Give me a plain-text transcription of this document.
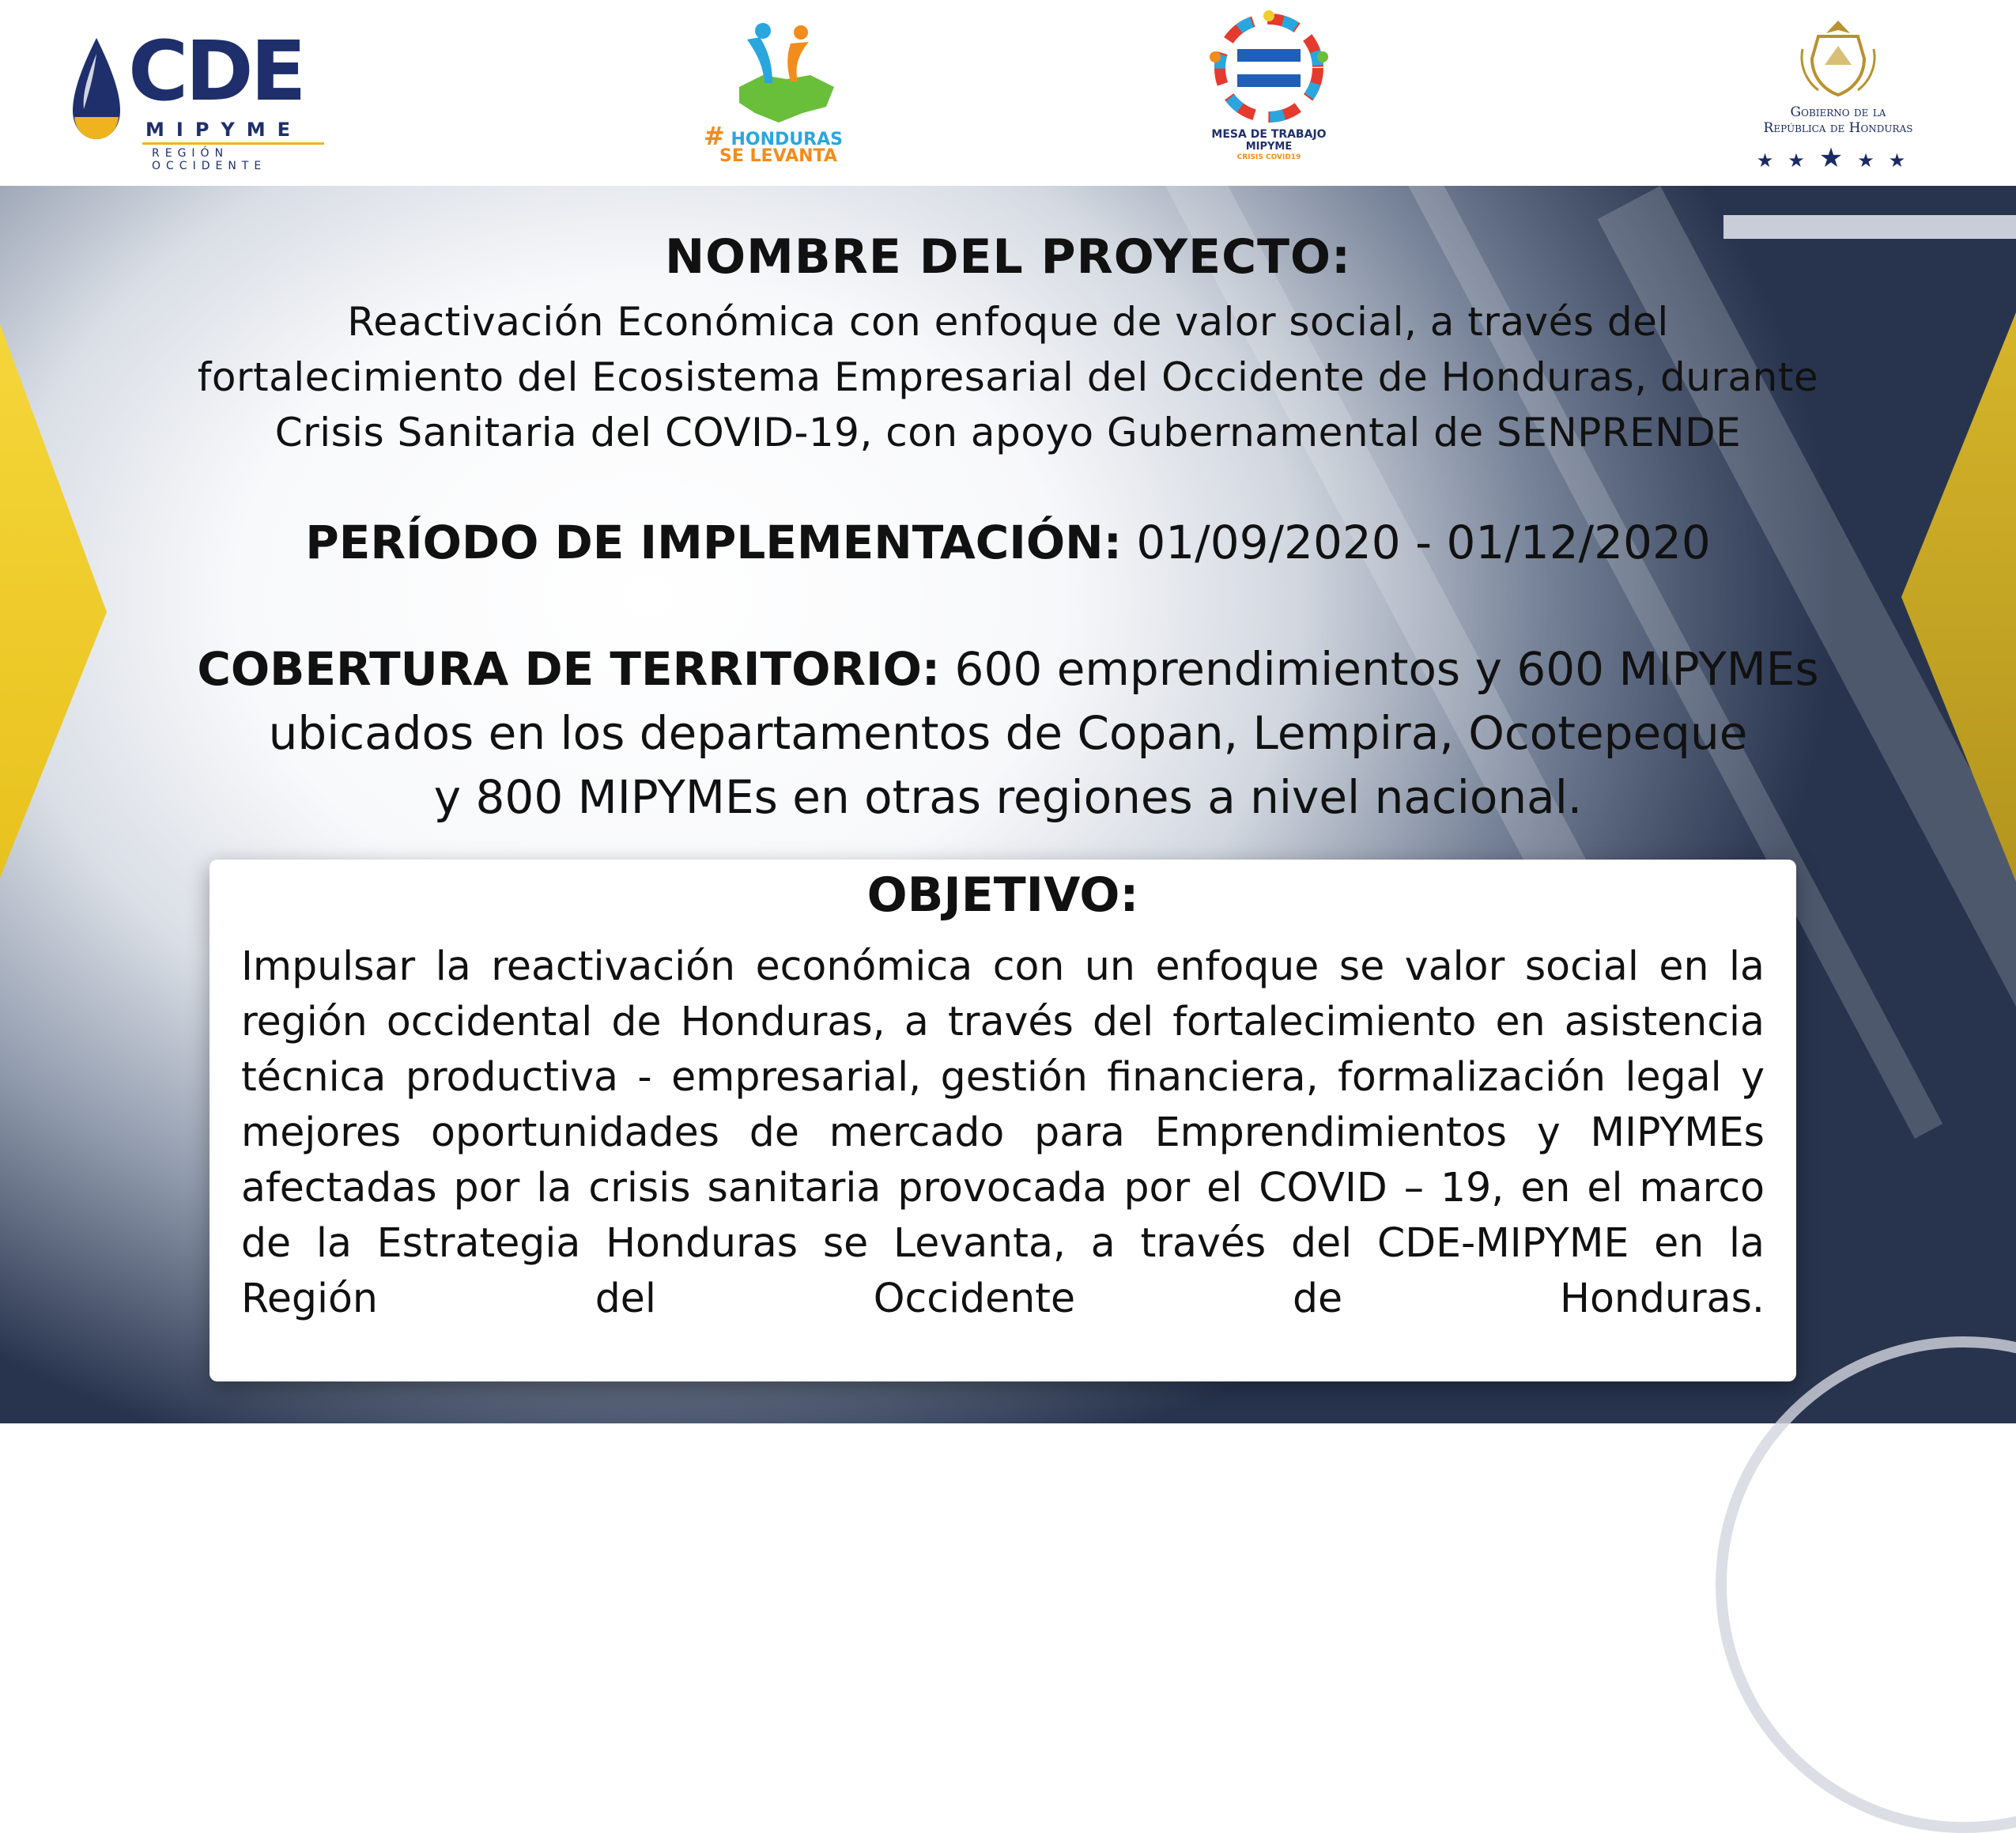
CDE
MIPYME
REGIÓN OCCIDENTE
# HONDURAS
SE LEVANTA
MESA DE TRABAJO
MIPYME
CRISIS COVID19
Gobierno de la
República de Honduras
★★★★★
NOMBRE DEL PROYECTO:
Reactivación Económica con enfoque de valor social, a través del
fortalecimiento del Ecosistema Empresarial del Occidente de Honduras, durante
Crisis Sanitaria del COVID-19, con apoyo Gubernamental de SENPRENDE
PERÍODO DE IMPLEMENTACIÓN: 01/09/2020 - 01/12/2020
COBERTURA DE TERRITORIO: 600 emprendimientos y 600 MIPYMEs
ubicados en los departamentos de Copan, Lempira, Ocotepeque
y 800 MIPYMEs en otras regiones a nivel nacional.
OBJETIVO:
Impulsar la reactivación económica con un enfoque se valor social en la región occidental de Honduras, a través del fortalecimiento en asistencia técnica productiva - empresarial, gestión financiera, formalización legal y mejores oportunidades de mercado para Emprendimientos y MIPYMEs afectadas por la crisis sanitaria provocada por el COVID – 19, en el marco de la Estrategia Honduras se Levanta, a través del CDE-MIPYME en la Región del Occidente de Honduras.
